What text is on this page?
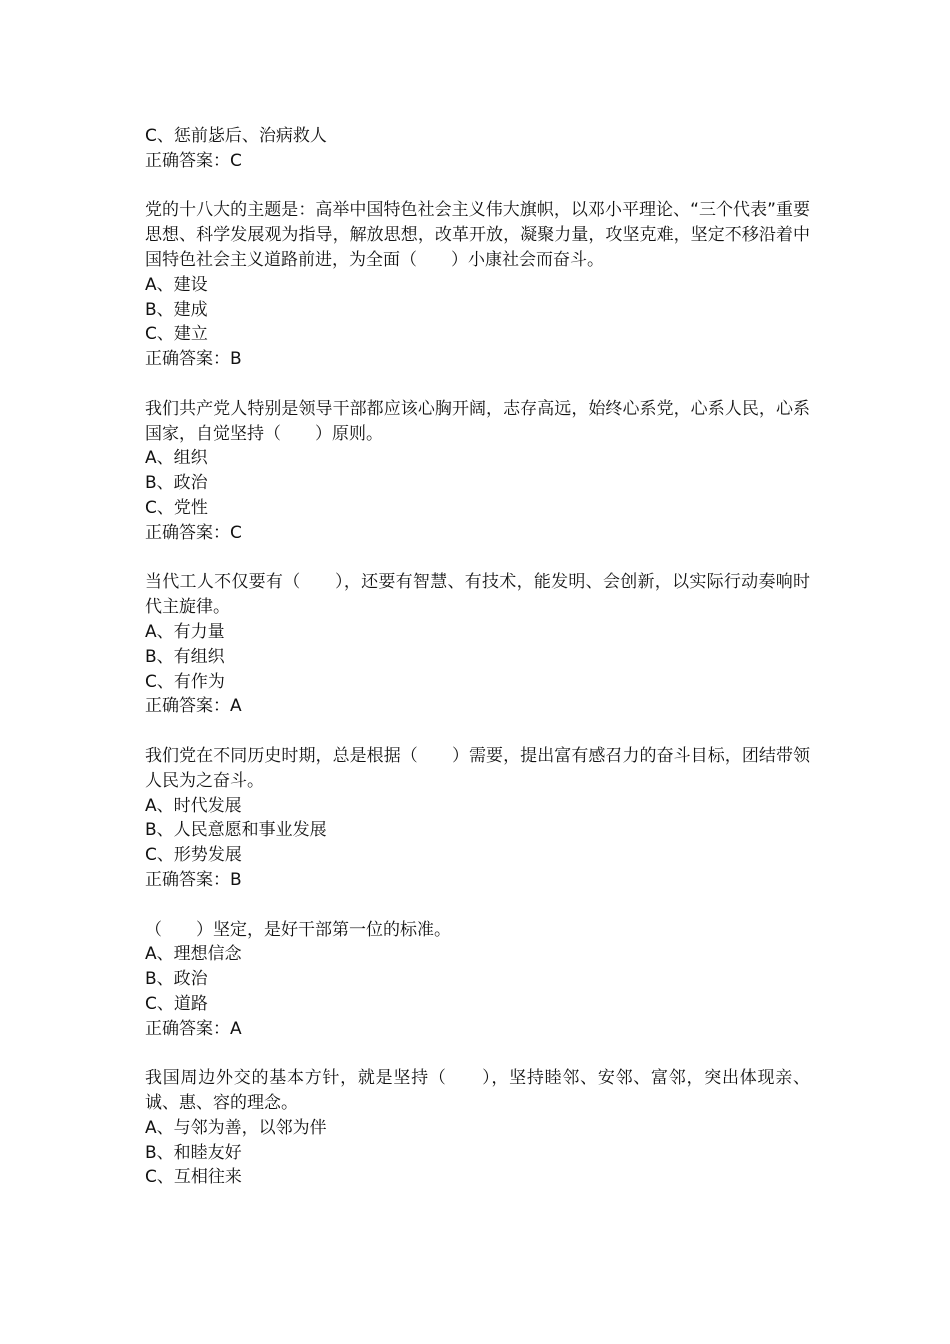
C、惩前毖后、治病救人
正确答案：C
党的十八大的主题是：高举中国特色社会主义伟大旗帜，以邓小平理论、“三个代表”重要思想、科学发展观为指导，解放思想，改革开放，凝聚力量，攻坚克难，坚定不移沿着中国特色社会主义道路前进，为全面（　　）小康社会而奋斗。
A、建设
B、建成
C、建立
正确答案：B
我们共产党人特别是领导干部都应该心胸开阔，志存高远，始终心系党，心系人民，心系国家，自觉坚持（　　）原则。
A、组织
B、政治
C、党性
正确答案：C
当代工人不仅要有（　　），还要有智慧、有技术，能发明、会创新，以实际行动奏响时代主旋律。
A、有力量
B、有组织
C、有作为
正确答案：A
我们党在不同历史时期，总是根据（　　）需要，提出富有感召力的奋斗目标，团结带领人民为之奋斗。
A、时代发展
B、人民意愿和事业发展
C、形势发展
正确答案：B
（　　）坚定，是好干部第一位的标准。
A、理想信念
B、政治
C、道路
正确答案：A
我国周边外交的基本方针，就是坚持（　　），坚持睦邻、安邻、富邻，突出体现亲、诚、惠、容的理念。
A、与邻为善，以邻为伴
B、和睦友好
C、互相往来
